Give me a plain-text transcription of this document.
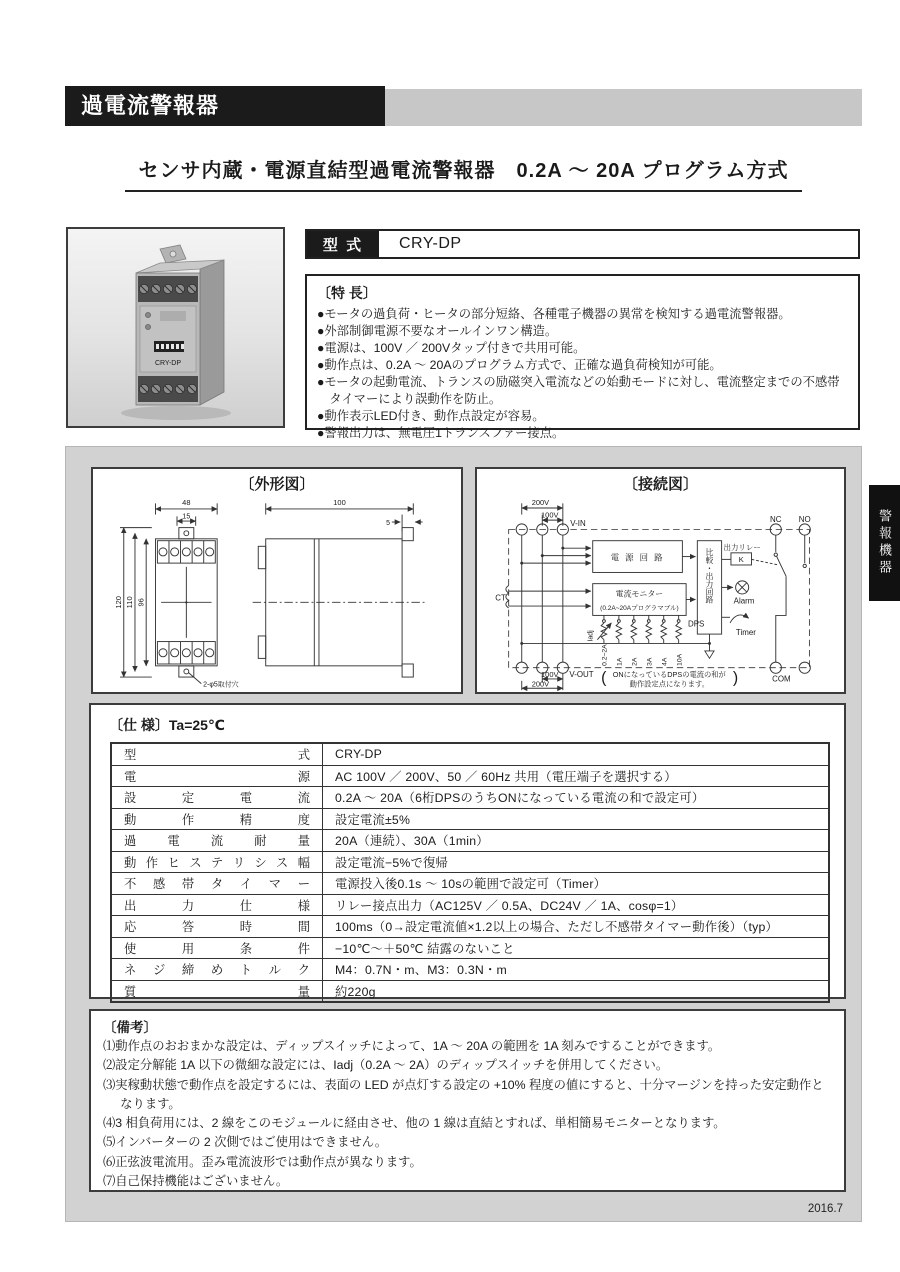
過電流警報器
センサ内蔵・電源直結型過電流警報器　0.2A ～ 20A プログラム方式
CRY-DP
型 式	CRY-DP
〔特 長〕
●モータの過負荷・ヒータの部分短絡、各種電子機器の異常を検知する過電流警報器。
●外部制御電源不要なオールインワン構造。
●電源は、100V ／ 200Vタップ付きで共用可能。
●動作点は、0.2A ～ 20Aのプログラム方式で、正確な過負荷検知が可能。
●モータの起動電流、トランスの励磁突入電流などの始動モードに対し、電流整定までの不感帯タイマーにより誤動作を防止。
●動作表示LED付き、動作点設定が容易。
●警報出力は、無電圧1トランスファー接点。
〔外形図〕
48
15
120 110 96
2-φ5取付穴
100
5
〔接続図〕
200V
100V
V-IN
電 源 回 路
電流モニター
(0.2A~20Aプログラマブル)
CT	比較・出力回路
出力リレー
K
NC NO
Alarm
Timer
DPS
Iadj
0.2~2A 1A 2A 3A 4A 10A
V-OUT
COM
100V
200V	( ONになっているDPSの電流の和が
動作設定点になります。 )
〔仕 様〕Ta=25℃
型 式	CRY-DP

電 源	AC 100V ／ 200V、50 ／ 60Hz 共用（電圧端子を選択する）

設 定 電 流	0.2A ～ 20A（6桁DPSのうちONになっている電流の和で設定可）

動 作 精 度	設定電流±5%

過 電 流 耐 量	20A（連続）、30A（1min）

動作ヒステリシス幅	設定電流−5%で復帰

不 感 帯 タ イ マ ー	電源投入後0.1s ～ 10sの範囲で設定可（Timer）

出 力 仕 様	リレー接点出力（AC125V ／ 0.5A、DC24V ／ 1A、cosφ=1）

応 答 時 間	100ms（0→設定電流値×1.2以上の場合、ただし不感帯タイマー動作後）（typ）

使 用 条 件	−10℃～＋50℃ 結露のないこと

ネ ジ 締 め ト ル ク	M4：0.7N・m、M3：0.3N・m

質 量	約220g
〔備考〕
⑴動作点のおおまかな設定は、ディップスイッチによって、1A ～ 20A の範囲を 1A 刻みですることができます。
⑵設定分解能 1A 以下の微細な設定には、Iadj（0.2A ～ 2A）のディップスイッチを併用してください。
⑶実稼動状態で動作点を設定するには、表面の LED が点灯する設定の +10% 程度の値にすると、十分マージンを持った安定動作となります。
⑷3 相負荷用には、2 線をこのモジュールに経由させ、他の 1 線は直結とすれば、単相簡易モニターとなります。
⑸インバーターの 2 次側ではご使用はできません。
⑹正弦波電流用。歪み電流波形では動作点が異なります。
⑺自己保持機能はございません。
2016.7
警報機器
